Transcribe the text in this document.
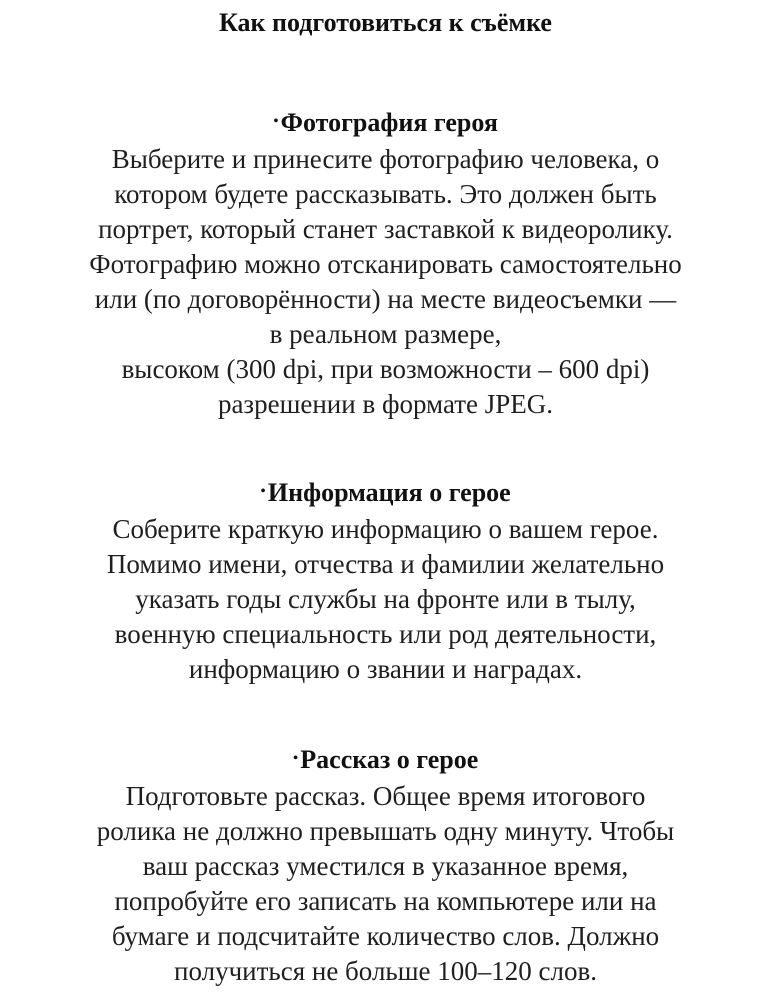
Как подготовиться к съёмке
•Фотография героя

Выберите и принесите фотографию человека, о
котором будете рассказывать. Это должен быть
портрет, который станет заставкой к видеоролику.
Фотографию можно отсканировать самостоятельно
или (по договорённости) на месте видеосъемки —
в реальном размере,
высоком (300 dpi, при возможности – 600 dpi)
разрешении в формате JPEG.

•Информация о герое

Соберите краткую информацию о вашем герое.
Помимо имени, отчества и фамилии желательно
указать годы службы на фронте или в тылу,
военную специальность или род деятельности,
информацию о звании и наградах.

•Рассказ о герое

Подготовьте рассказ. Общее время итогового
ролика не должно превышать одну минуту. Чтобы
ваш рассказ уместился в указанное время,
попробуйте его записать на компьютере или на
бумаге и подсчитайте количество слов. Должно
получиться не больше 100–120 слов.
